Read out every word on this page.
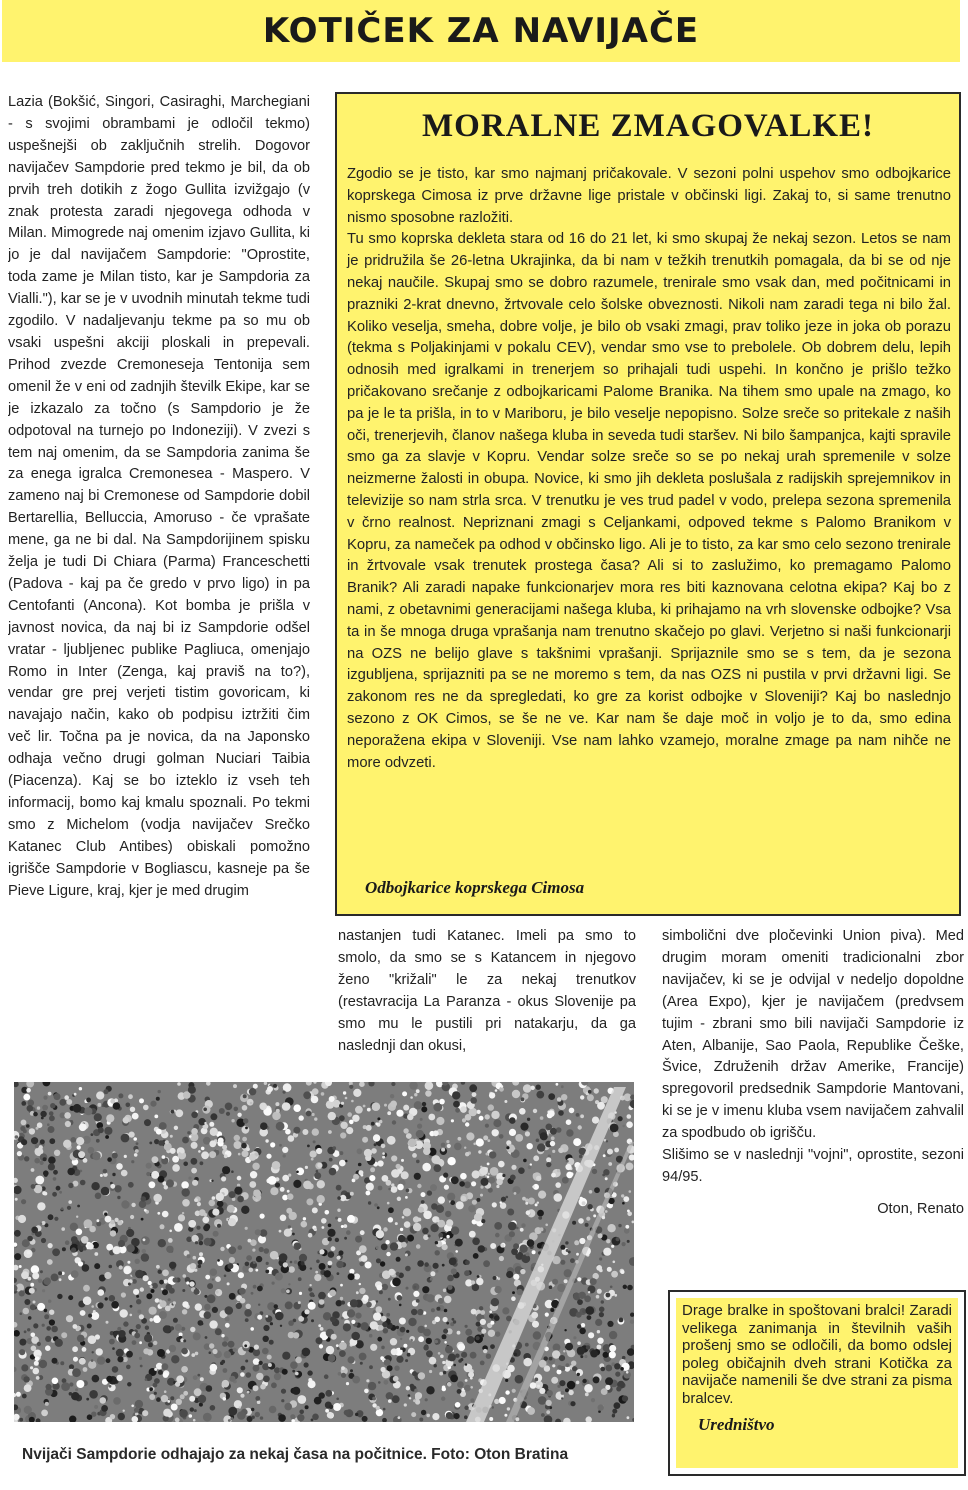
KOTIČEK ZA NAVIJAČE

Lazia (Bokšić, Singori, Casiraghi, Marchegiani - s svojimi obrambami je odločil tekmo) uspešnejši ob zaključnih strelih. Dogovor navijačev Sampdorie pred tekmo je bil, da ob prvih treh dotikih z žogo Gullita izvižgajo (v znak protesta zaradi njegovega odhoda v Milan. Mimogrede naj omenim izjavo Gullita, ki jo je dal navijačem Sampdorie: "Oprostite, toda zame je Milan tisto, kar je Sampdoria za Vialli."), kar se je v uvodnih minutah tekme tudi zgodilo. V nadaljevanju tekme pa so mu ob vsaki uspešni akciji ploskali in prepevali. Prihod zvezde Cremoneseja Tentonija sem omenil že v eni od zadnjih številk Ekipe, kar se je izkazalo za točno (s Sampdorio je že odpotoval na turnejo po Indoneziji). V zvezi s tem naj omenim, da se Sampdoria zanima še za enega igralca Cremonesea - Maspero. V zameno naj bi Cremonese od Sampdorie dobil Bertarellia, Belluccia, Amoruso - če vprašate mene, ga ne bi dal. Na Sampdorijinem spisku želja je tudi Di Chiara (Parma) Franceschetti (Padova - kaj pa če gredo v prvo ligo) in pa Centofanti (Ancona). Kot bomba je prišla v javnost novica, da naj bi iz Sampdorie odšel vratar - ljubljenec publike Pagliuca, omenjajo Romo in Inter (Zenga, kaj praviš na to?), vendar gre prej verjeti tistim govoricam, ki navajajo način, kako ob podpisu iztržiti čim več lir. Točna pa je novica, da na Japonsko odhaja večno drugi golman Nuciari Taibia (Piacenza). Kaj se bo izteklo iz vseh teh informacij, bomo kaj kmalu spoznali. Po tekmi smo z Michelom (vodja navijačev Srečko Katanec Club Antibes) obiskali pomožno igrišče Sampdorie v Bogliascu, kasneje pa še Pieve Ligure, kraj, kjer je med drugim

MORALNE ZMAGOVALKE!

Zgodio se je tisto, kar smo najmanj pričakovale. V sezoni polni uspehov smo odbojkarice koprskega Cimosa iz prve državne lige pristale v občinski ligi. Zakaj to, si same trenutno nismo sposobne razložiti.

Tu smo koprska dekleta stara od 16 do 21 let, ki smo skupaj že nekaj sezon. Letos se nam je pridružila še 26-letna Ukrajinka, da bi nam v težkih trenutkih pomagala, da bi se od nje nekaj naučile. Skupaj smo se dobro razumele, trenirale smo vsak dan, med počitnicami in prazniki 2-krat dnevno, žrtvovale celo šolske obveznosti. Nikoli nam zaradi tega ni bilo žal. Koliko veselja, smeha, dobre volje, je bilo ob vsaki zmagi, prav toliko jeze in joka ob porazu (tekma s Poljakinjami v pokalu CEV), vendar smo vse to prebolele. Ob dobrem delu, lepih odnosih med igralkami in trenerjem so prihajali tudi uspehi. In končno je prišlo težko pričakovano srečanje z odbojkaricami Palome Branika. Na tihem smo upale na zmago, ko pa je le ta prišla, in to v Mariboru, je bilo veselje nepopisno. Solze sreče so pritekale z naših oči, trenerjevih, članov našega kluba in seveda tudi staršev. Ni bilo šampanjca, kajti spravile smo ga za slavje v Kopru. Vendar solze sreče so se po nekaj urah spremenile v solze neizmerne žalosti in obupa. Novice, ki smo jih dekleta poslušala z radijskih sprejemnikov in televizije so nam strla srca. V trenutku je ves trud padel v vodo, prelepa sezona spremenila v črno realnost. Nepriznani zmagi s Celjankami, odpoved tekme s Palomo Branikom v Kopru, za nameček pa odhod v občinsko ligo. Ali je to tisto, za kar smo celo sezono trenirale in žrtvovale vsak trenutek prostega časa? Ali si to zaslužimo, ko premagamo Palomo Branik? Ali zaradi napake funkcionarjev mora res biti kaznovana celotna ekipa? Kaj bo z nami, z obetavnimi generacijami našega kluba, ki prihajamo na vrh slovenske odbojke? Vsa ta in še mnoga druga vprašanja nam trenutno skačejo po glavi. Verjetno si naši funkcionarji na OZS ne belijo glave s takšnimi vprašanji. Sprijaznile smo se s tem, da je sezona izgubljena, sprijazniti pa se ne moremo s tem, da nas OZS ni pustila v prvi državni ligi. Se zakonom res ne da spregledati, ko gre za korist odbojke v Sloveniji? Kaj bo naslednjo sezono z OK Cimos, se še ne ve. Kar nam še daje moč in voljo je to da, smo edina neporažena ekipa v Sloveniji. Vse nam lahko vzamejo, moralne zmage pa nam nihče ne more odvzeti.

Odbojkarice koprskega Cimosa

nastanjen tudi Katanec. Imeli pa smo to smolo, da smo se s Katancem in njegovo ženo "križali" le za nekaj trenutkov (restavracija La Paranza - okus Slovenije pa smo mu le pustili pri natakarju, da ga naslednji dan okusi,

simbolični dve pločevinki Union piva). Med drugim moram omeniti tradicionalni zbor navijačev, ki se je odvijal v nedeljo dopoldne (Area Expo), kjer je navijačem (predvsem tujim - zbrani smo bili navijači Sampdorie iz Aten, Albanije, Sao Paola, Republike Češke, Švice, Združenih držav Amerike, Francije) spregovoril predsednik Sampdorie Mantovani, ki se je v imenu kluba vsem navijačem zahvalil za spodbudo ob igrišču.

Slišimo se v naslednji "vojni", oprostite, sezoni 94/95.

Oton, Renato

Nvijači Sampdorie odhajajo za nekaj časa na počitnice. Foto: Oton Bratina

Drage bralke in spoštovani bralci! Zaradi velikega zanimanja in številnih vaših prošenj smo se odločili, da bomo odslej poleg običajnih dveh strani Kotička za navijače namenili še dve strani za pisma bralcev.

Uredništvo
